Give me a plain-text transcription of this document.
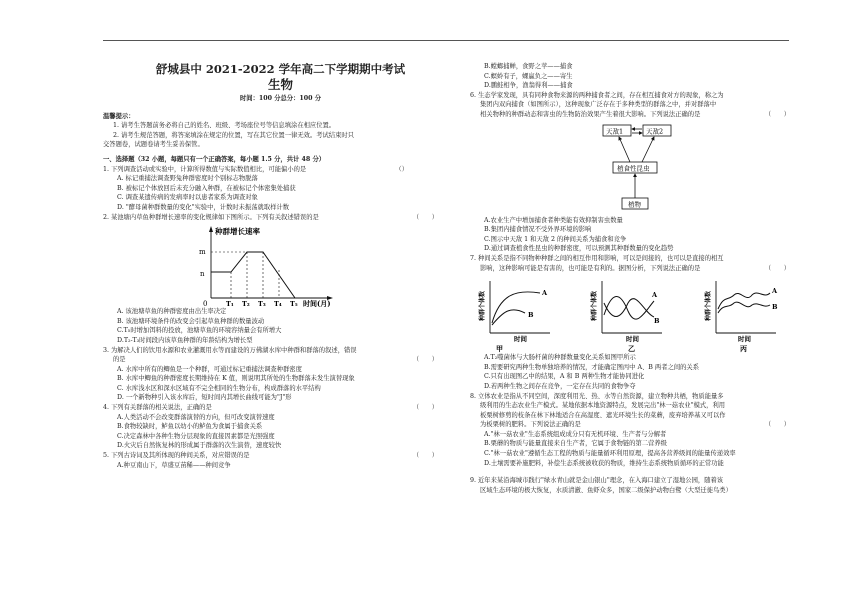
舒城县中 2021-2022 学年高二下学期期中考试
生物
时间：100 分总分：100 分

温馨提示：

1. 请考生答题前务必将自己的姓名、班级、考场座位号等信息填涂在相应位置。

2. 请考生规范答题，将答案填涂在规定的位置，写在其它位置一律无效。考试结束时只

交答题卷，试题卷请考生妥善保管。

一、选择题（32 小题，每题只有一个正确答案，每小题 1.5 分，共计 48 分）

1. 下列调查活动或实验中，计算所得数值与实际数值相比，可能偏小的是	（）

A. 标记重捕法调查野兔种群密度时个别标志物脱落

B. 被标记个体放回后未充分融入种群，在被标记个体密集处捕获

C. 调查某遗传病的发病率时以患者家系为调查对象

D. "酵母菌种群数量的变化"实验中，计数时未振荡就取样计数

2. 某池塘内草鱼种群增长速率的变化规律如下图所示。下列有关叙述错误的是	（　　）
种群增长速率
m
n
0	T₁ T₂ T₃ T₄ T₅ 时间(月)

A. 该池塘草鱼的种群密度由出生率决定

B. 该池塘环境条件的改变会引起草鱼种群的数量波动

C.T₅时增加饵料的投放，池塘草鱼的环境容纳量会有所增大

D.T₂-T₃时间段内该草鱼种群的年龄结构为增长型

3. 为解决人们的饮用水源和农业灌溉用水等而建设的万佛湖水库中种群和群落的叙述，错误

的是	（　　）

A. 水库中所有的鲫鱼是一个种群，可通过标记重捕法调查种群密度

B. 水库中鲫鱼的种群密度长期维持在 K 值，则说明其所处的生物群落未发生演替现象

C. 水库浅水区和深水区域有不完全相同的生物分布，构成群落的水平结构

D. 一个新物种引入该水库后，短时间内其增长曲线可能为"J"形

4. 下列有关群落的相关说法，正确的是	（　　）

A.人类活动不会改变群落演替的方向，但可改变演替速度

B.食物较缺时，鲈鱼以幼小的鲈鱼为食属于捕食关系

C.决定森林中各种生物分层现象的直接因素都是光照强度

D.火灾后自然恢复林的形成属于群落的次生演替，速度较快

5. 下列古诗词及其所体现的种间关系，对应错误的是	（　　）

A.种豆南山下，草盛豆苗稀——种间竞争

B.螳螂捕蝉，食野之苹——捕食

C.螟蛉有子，蜾蠃负之——寄生

D.鹏鲑相争，渔翁得利——捕食

6. 生态学家发现，具有同种食物来源的两种捕食者之间，存在相互捕食对方的现象，称之为

集团内双向捕食（如图所示），这种现象广泛存在于多种类型的群落之中，并对群落中

相关物种的种群动态和害虫的生物防治效果产生着很大影响。下列说法正确的是	（　　）
天敌1	天敌2
植食性昆虫
植物

A.农业生产中增加捕食者种类能有效抑制害虫数量

B.集团内捕食情况不受外界环境的影响

C.图示中天敌 1 和天敌 2 的种间关系为捕食和竞争

D.通过调查植食性昆虫的种群密度，可以预测其种群数量的变化趋势

7. 种间关系是指不同物种种群之间的相互作用和影响，可以是间接的，也可以是直接的相互

影响，这种影响可能是有害的，也可能是有利的。据图分析，下列说法正确的是	（　　）
种群个体数	A
B
时间
甲
种群个体数	A
B
时间
乙
种群个体数	A
B
时间
丙

A.T₂噬菌体与大肠杆菌的种群数量变化关系如图甲所示

B.需要研究两种生物单独培养的情况，才能确定图丙中 A、B 两者之间的关系

C.只有出现图乙中的结果，A 和 B 两种生物才能协同进化

D.若两种生物之间存在竞争，一定存在共同的食物争夺

8. 立体农业是指从不同空间，深度利用光、热、水等自然资源，建立物种共栖，物质能量多

级利用的生态农业生产模式。某地依据本地资源特点，发展完出"林一菇农业"模式，利用

板栗树修剪的枝条在林下林地适合在高湿度、遮光环境生长的菜蘑，废弃培养基又可以作

为板栗树的肥料。下列说法正确的是	（　　）

A."林一菇农业"生态系统组成成分只有无机环境、生产者与分解者

B.栗蘑的物质与能量直接来自生产者，它属于食物链的第二营养级

C."林一菇农业"遵循生态工程的物质与能量循环利用原理，提高各营养级间的能量传递效率

D.土壤需要补施肥料，补偿生态系统被收获的物质，维持生态系统物质循环的正常功能

9. 近年来某沿海城市践行"绿水青山就是金山银山"理念，在入海口建立了湿地公园，随着该

区域生态环境的极大恢复，水质清澈、鱼虾众多，国家二级保护动物白鹭（大型迁徙鸟类）
